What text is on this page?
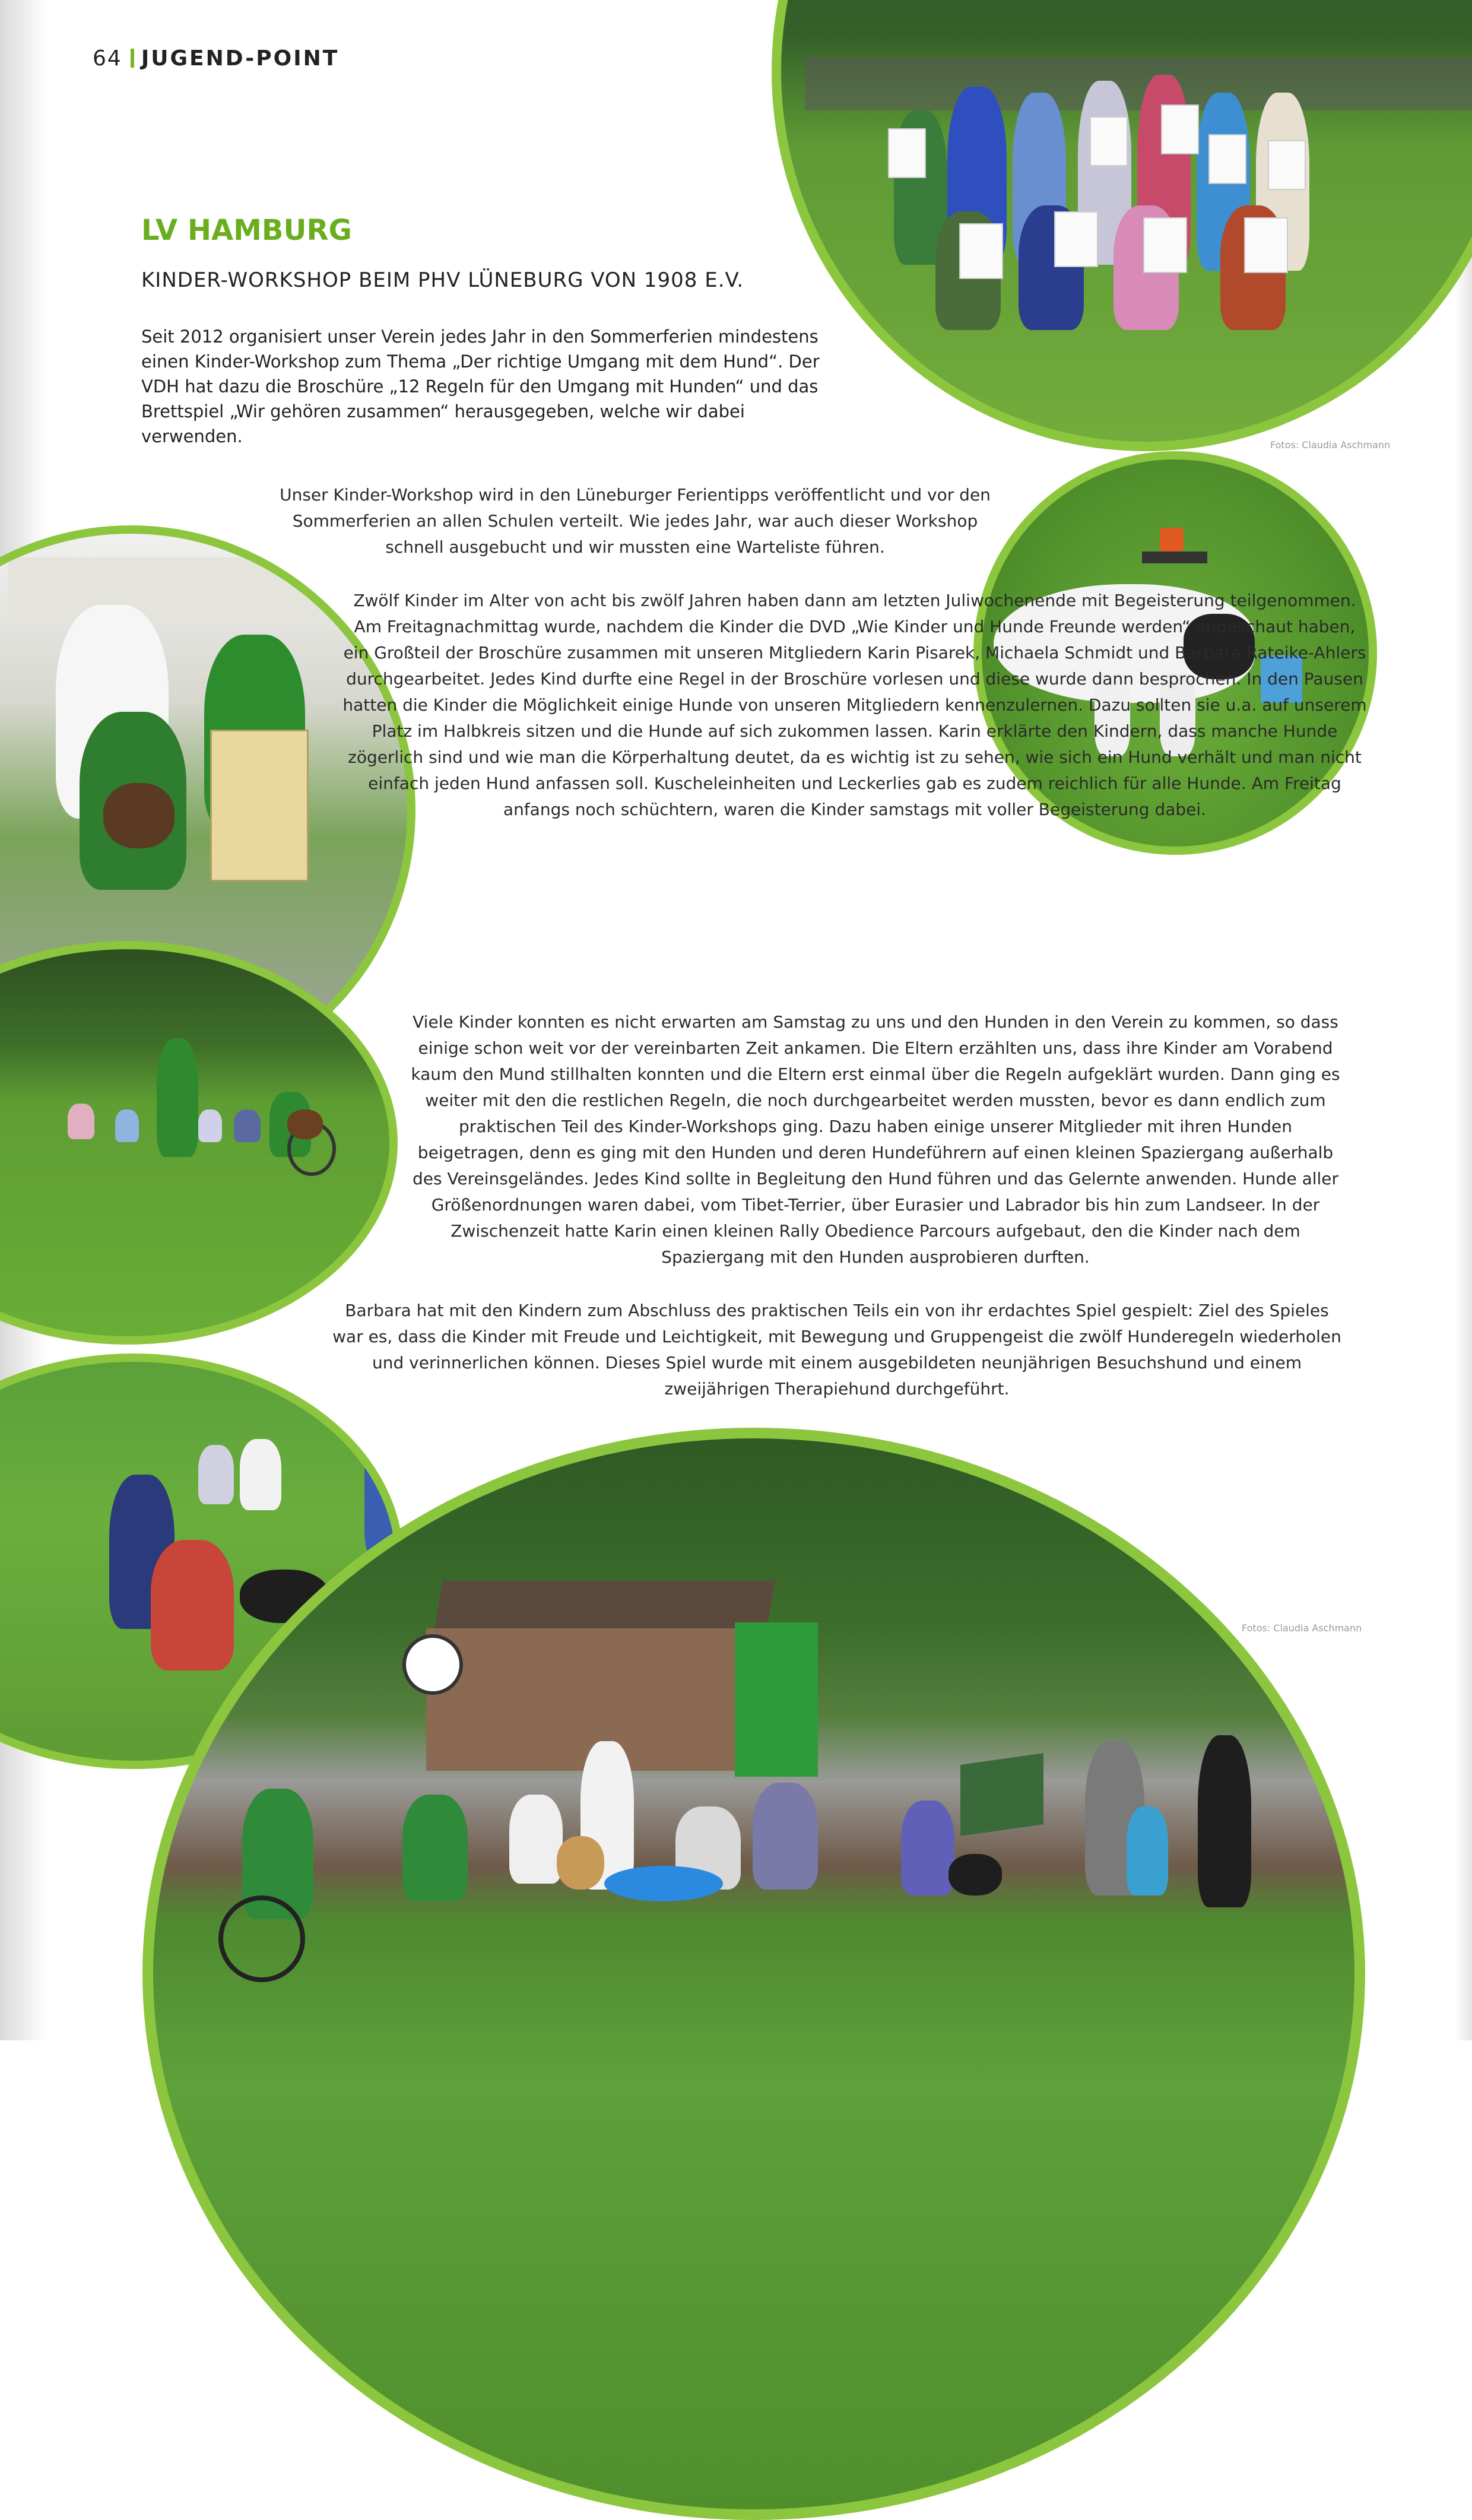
64 JUGEND-POINT
Fotos: Claudia Aschmann
LV HAMBURG
KINDER-WORKSHOP BEIM PHV LÜNEBURG VON 1908 E.V.

Seit 2012 organisiert unser Verein jedes Jahr in den Sommerferien mindestens einen Kinder-Workshop zum Thema „Der richtige Umgang mit dem Hund“. Der VDH hat dazu die Broschüre „12 Regeln für den Umgang mit Hunden“ und das Brettspiel „Wir gehören zusammen“ herausgegeben, welche wir dabei verwenden.

Unser Kinder-Workshop wird in den Lüneburger Ferientipps veröffentlicht und vor den Sommerferien an allen Schulen verteilt. Wie jedes Jahr, war auch dieser Workshop schnell ausgebucht und wir mussten eine Warteliste führen.

Zwölf Kinder im Alter von acht bis zwölf Jahren haben dann am letzten Juliwochenende mit Begeisterung teilgenommen. Am Freitagnachmittag wurde, nachdem die Kinder die DVD „Wie Kinder und Hunde Freunde werden“ angeschaut haben, ein Großteil der Broschüre zusammen mit unseren Mitgliedern Karin Pisarek, Michaela Schmidt und Barbara Rateike-Ahlers durchgearbeitet. Jedes Kind durfte eine Regel in der Broschüre vorlesen und diese wurde dann besprochen. In den Pausen hatten die Kinder die Möglichkeit einige Hunde von unseren Mitgliedern kennenzulernen. Dazu sollten sie u.a. auf unserem Platz im Halbkreis sitzen und die Hunde auf sich zukommen lassen. Karin erklärte den Kindern, dass manche Hunde zögerlich sind und wie man die Körperhaltung deutet, da es wichtig ist zu sehen, wie sich ein Hund verhält und man nicht einfach jeden Hund anfassen soll. Kuscheleinheiten und Leckerlies gab es zudem reichlich für alle Hunde. Am Freitag anfangs noch schüchtern, waren die Kinder samstags mit voller Begeisterung dabei.

Viele Kinder konnten es nicht erwarten am Samstag zu uns und den Hunden in den Verein zu kommen, so dass einige schon weit vor der vereinbarten Zeit ankamen. Die Eltern erzählten uns, dass ihre Kinder am Vorabend kaum den Mund stillhalten konnten und die Eltern erst einmal über die Regeln aufgeklärt wurden. Dann ging es weiter mit den die restlichen Regeln, die noch durchgearbeitet werden mussten, bevor es dann endlich zum praktischen Teil des Kinder-Workshops ging. Dazu haben einige unserer Mitglieder mit ihren Hunden beigetragen, denn es ging mit den Hunden und deren Hundeführern auf einen kleinen Spaziergang außerhalb des Vereinsgeländes. Jedes Kind sollte in Begleitung den Hund führen und das Gelernte anwenden. Hunde aller Größenordnungen waren dabei, vom Tibet-Terrier, über Eurasier und Labrador bis hin zum Landseer. In der Zwischenzeit hatte Karin einen kleinen Rally Obedience Parcours aufgebaut, den die Kinder nach dem Spaziergang mit den Hunden ausprobieren durften.

Barbara hat mit den Kindern zum Abschluss des praktischen Teils ein von ihr erdachtes Spiel gespielt: Ziel des Spieles war es, dass die Kinder mit Freude und Leichtigkeit, mit Bewegung und Gruppengeist die zwölf Hunderegeln wiederholen und verinnerlichen können. Dieses Spiel wurde mit einem ausgebildeten neunjährigen Besuchshund und einem zweijährigen Therapiehund durchgeführt.

Fotos: Claudia Aschmann
